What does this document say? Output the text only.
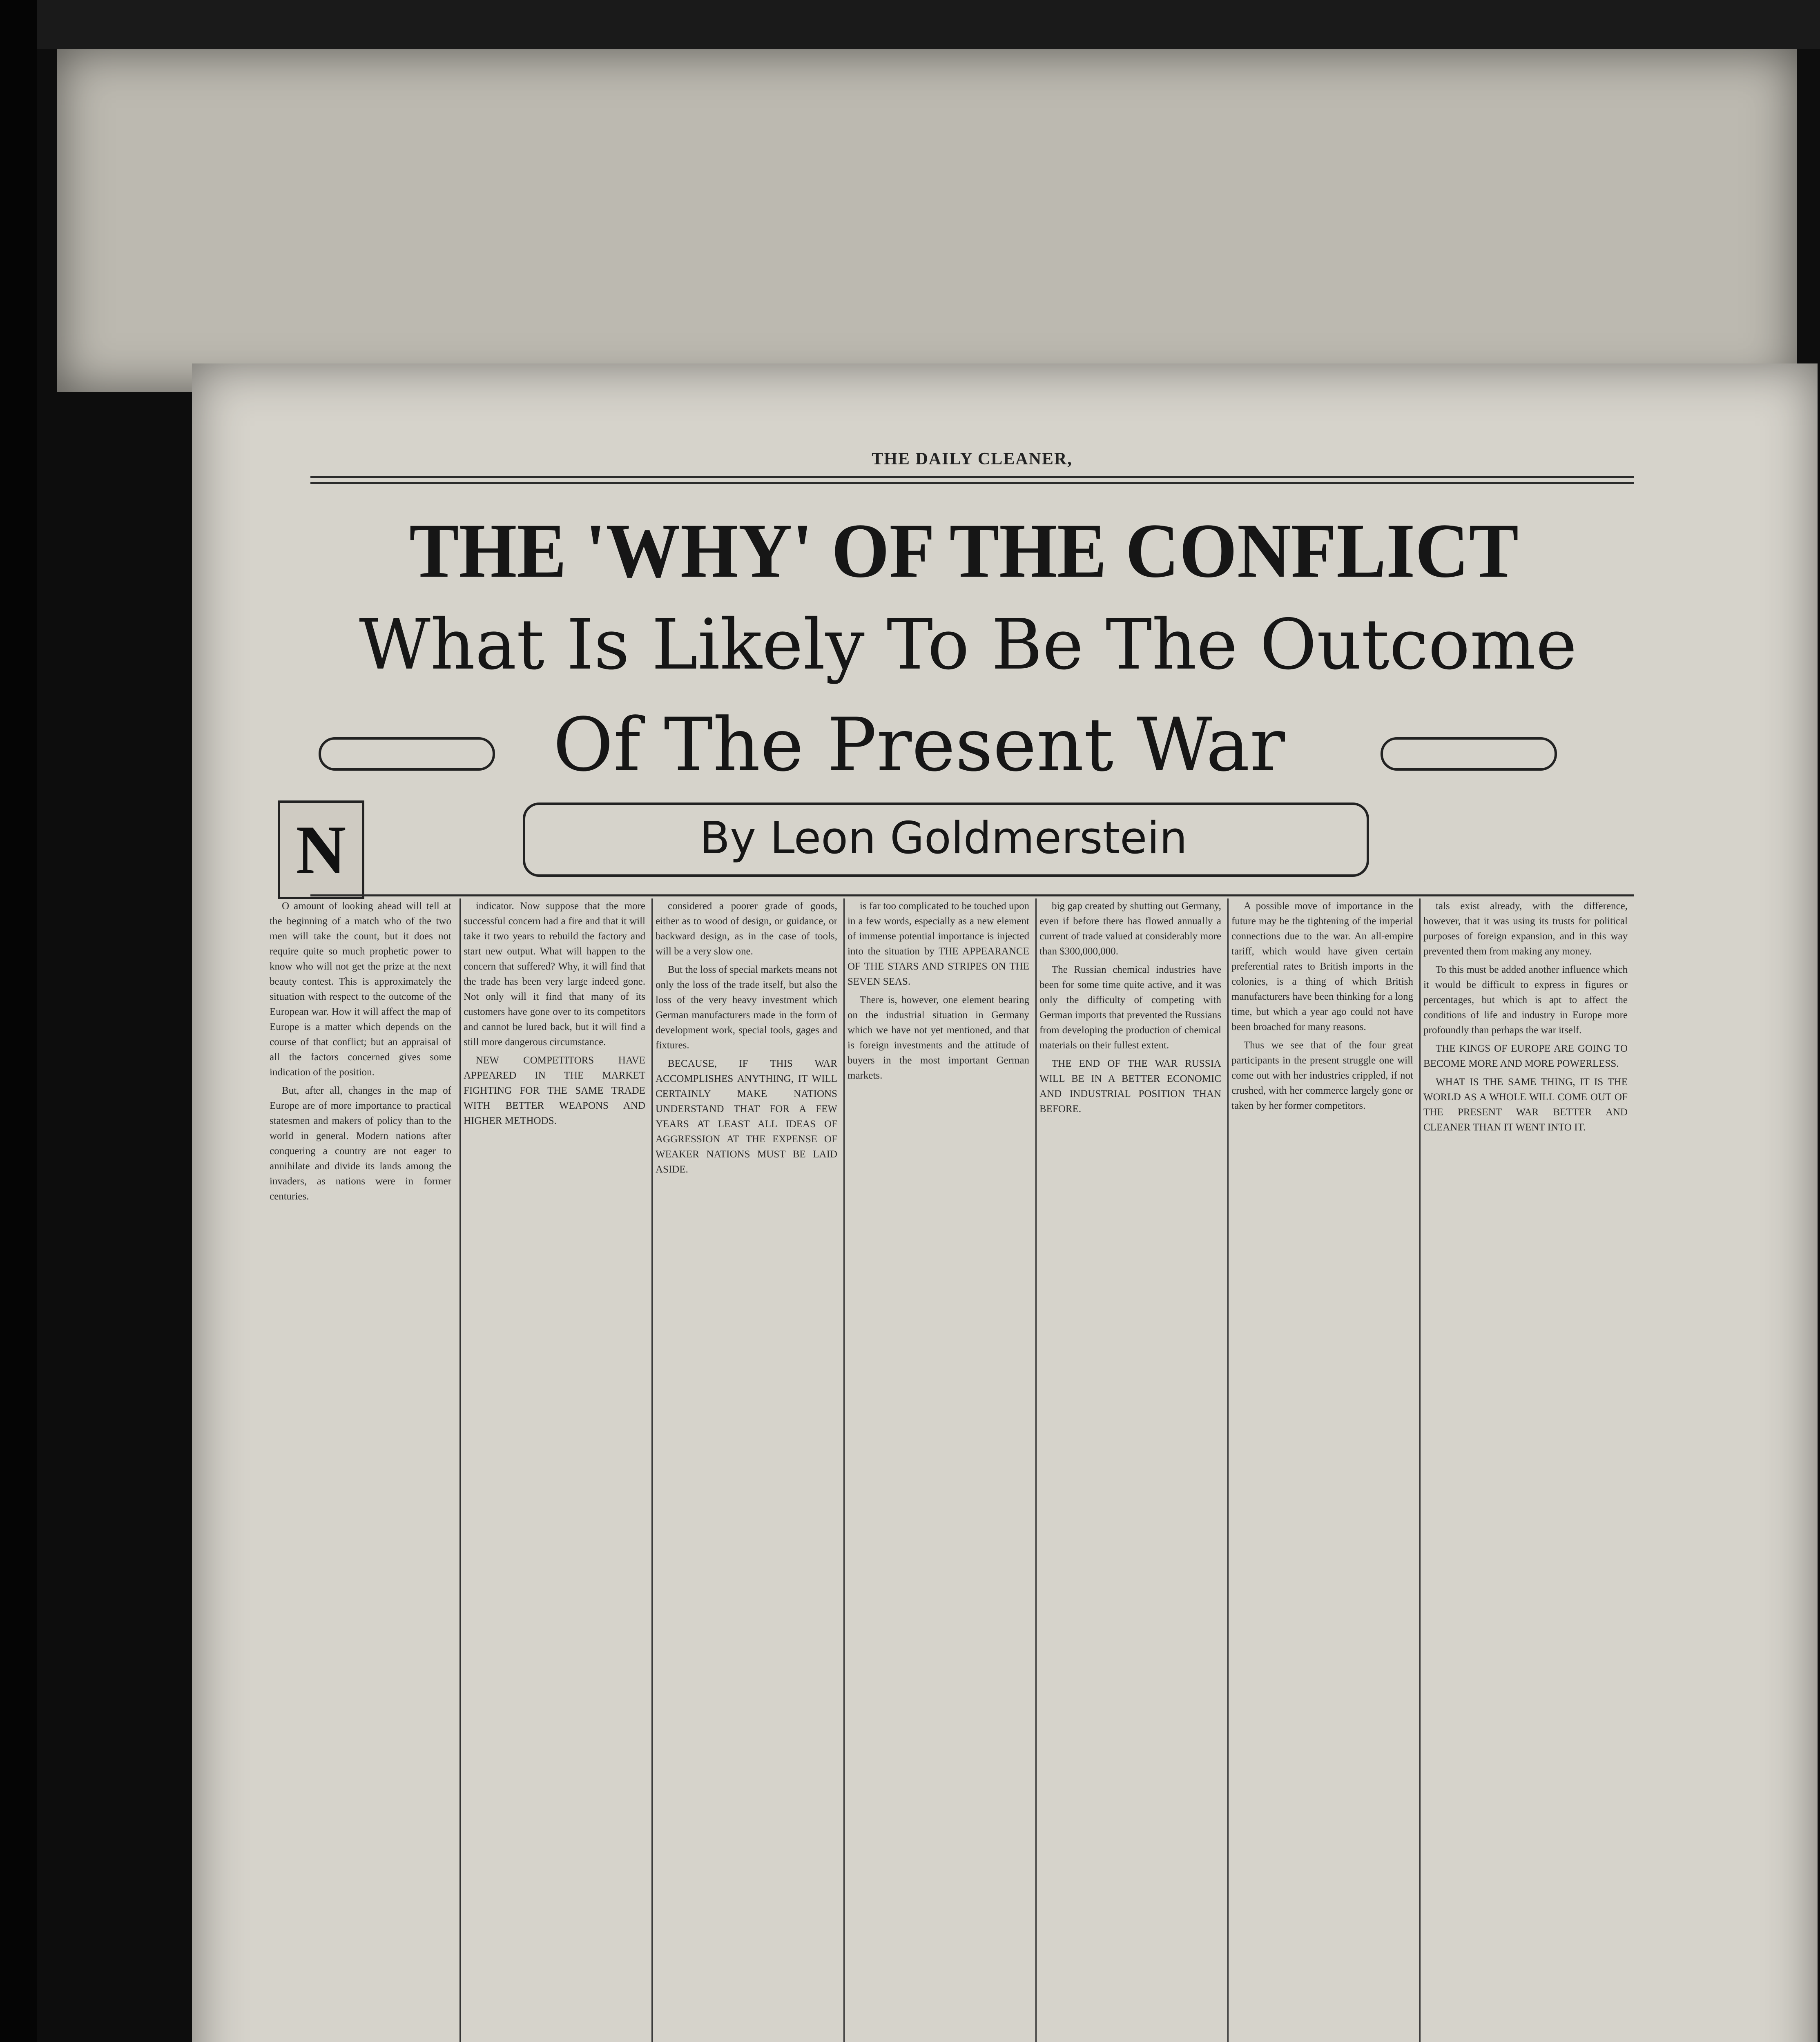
THE DAILY CLEANER,
THE 'WHY' OF THE CONFLICT
What Is Likely To Be The Outcome
Of The Present War
By Leon Goldmerstein
N

O amount of looking ahead will tell at the beginning of a match who of the two men will take the count, but it does not require quite so much prophetic power to know who will not get the prize at the next beauty contest. This is approximately the situation with respect to the outcome of the European war. How it will affect the map of Europe is a matter which depends on the course of that conflict; but an appraisal of all the factors concerned gives some indication of the position.

But, after all, changes in the map of Europe are of more importance to practical statesmen and makers of policy than to the world in general. Modern nations after conquering a country are not eager to annihilate and divide its lands among the invaders, as nations were in former centuries.

indicator. Now suppose that the more successful concern had a fire and that it will take it two years to rebuild the factory and start new output. What will happen to the concern that suffered? Why, it will find that the trade has been very large indeed gone. Not only will it find that many of its customers have gone over to its competitors and cannot be lured back, but it will find a still more dangerous circumstance.

NEW COMPETITORS HAVE APPEARED IN THE MARKET FIGHTING FOR THE SAME TRADE WITH BETTER WEAPONS AND HIGHER METHODS.

considered a poorer grade of goods, either as to wood of design, or guidance, or backward design, as in the case of tools, will be a very slow one.

But the loss of special markets means not only the loss of the trade itself, but also the loss of the very heavy investment which German manufacturers made in the form of development work, special tools, gages and fixtures.

BECAUSE, IF THIS WAR ACCOMPLISHES ANYTHING, IT WILL CERTAINLY MAKE NATIONS UNDERSTAND THAT FOR A FEW YEARS AT LEAST ALL IDEAS OF AGGRESSION AT THE EXPENSE OF WEAKER NATIONS MUST BE LAID ASIDE.

is far too complicated to be touched upon in a few words, especially as a new element of immense potential importance is injected into the situation by THE APPEARANCE OF THE STARS AND STRIPES ON THE SEVEN SEAS.

There is, however, one element bearing on the industrial situation in Germany which we have not yet mentioned, and that is foreign investments and the attitude of buyers in the most important German markets.

big gap created by shutting out Germany, even if before there has flowed annually a current of trade valued at considerably more than $300,000,000.

The Russian chemical industries have been for some time quite active, and it was only the difficulty of competing with German imports that prevented the Russians from developing the production of chemical materials on their fullest extent.

THE END OF THE WAR RUSSIA WILL BE IN A BETTER ECONOMIC AND INDUSTRIAL POSITION THAN BEFORE.

A possible move of importance in the future may be the tightening of the imperial connections due to the war. An all-empire tariff, which would have given certain preferential rates to British imports in the colonies, is a thing of which British manufacturers have been thinking for a long time, but which a year ago could not have been broached for many reasons.

Thus we see that of the four great participants in the present struggle one will come out with her industries crippled, if not crushed, with her commerce largely gone or taken by her former competitors.

tals exist already, with the difference, however, that it was using its trusts for political purposes of foreign expansion, and in this way prevented them from making any money.

To this must be added another influence which it would be difficult to express in figures or percentages, but which is apt to affect the conditions of life and industry in Europe more profoundly than perhaps the war itself.

THE KINGS OF EUROPE ARE GOING TO BECOME MORE AND MORE POWERLESS.

WHAT IS THE SAME THING, IT IS THE WORLD AS A WHOLE WILL COME OUT OF THE PRESENT WAR BETTER AND CLEANER THAN IT WENT INTO IT.
